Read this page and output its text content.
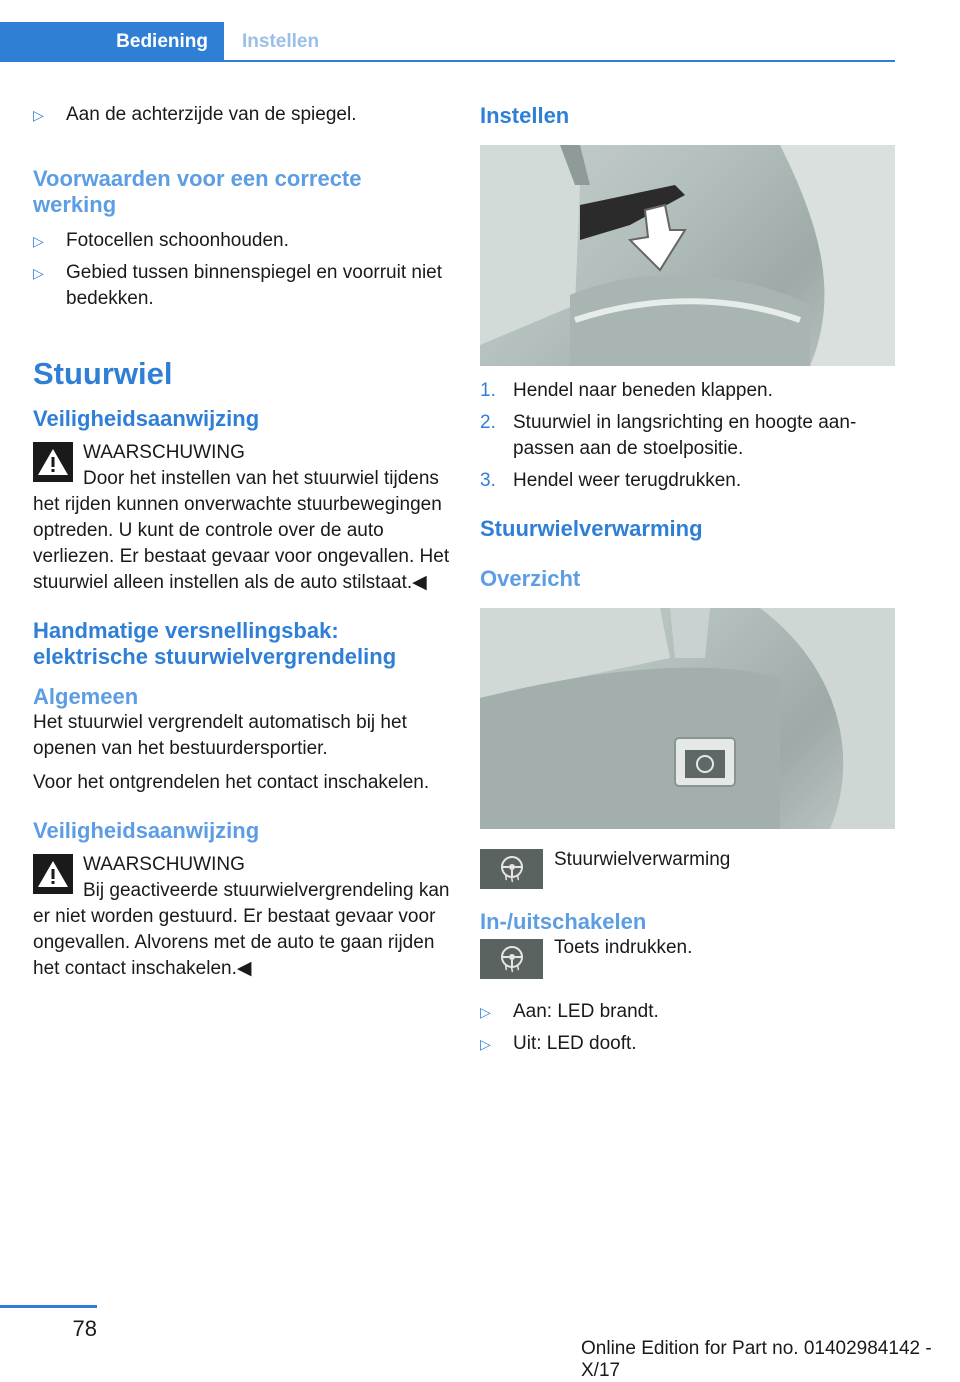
Bediening	Instellen
▷	Aan de achterzijde van de spiegel.
Voorwaarden voor een correcte werking
▷	Fotocellen schoonhouden.
▷	Gebied tussen binnenspiegel en voorruit niet bedekken.
Stuurwiel
Veiligheidsaanwijzing
WAARSCHUWING
Door het instellen van het stuurwiel tijdens het rijden kunnen onverwachte stuurbewegingen optreden. U kunt de controle over de auto verliezen. Er bestaat gevaar voor ongevallen. Het stuurwiel alleen instellen als de auto stilstaat.◀
Handmatige versnellingsbak: elektrische stuurwielvergrendeling
Algemeen

Het stuurwiel vergrendelt automatisch bij het openen van het bestuurdersportier.

Voor het ontgrendelen het contact inschakelen.

Veiligheidsaanwijzing
WAARSCHUWING
Bij geactiveerde stuurwielvergrendeling kan er niet worden gestuurd. Er bestaat gevaar voor ongevallen. Alvorens met de auto te gaan rijden het contact inschakelen.◀
Instellen
1. Hendel naar beneden klappen.
2. Stuurwiel in langsrichting en hoogte aanpassen aan de stoelpositie.
3. Hendel weer terugdrukken.
Stuurwielverwarming
Overzicht
Stuurwielverwarming
In-/uitschakelen
Toets indrukken.
▷	Aan: LED brandt.
▷	Uit: LED dooft.
78
Online Edition for Part no. 01402984142 - X/17
